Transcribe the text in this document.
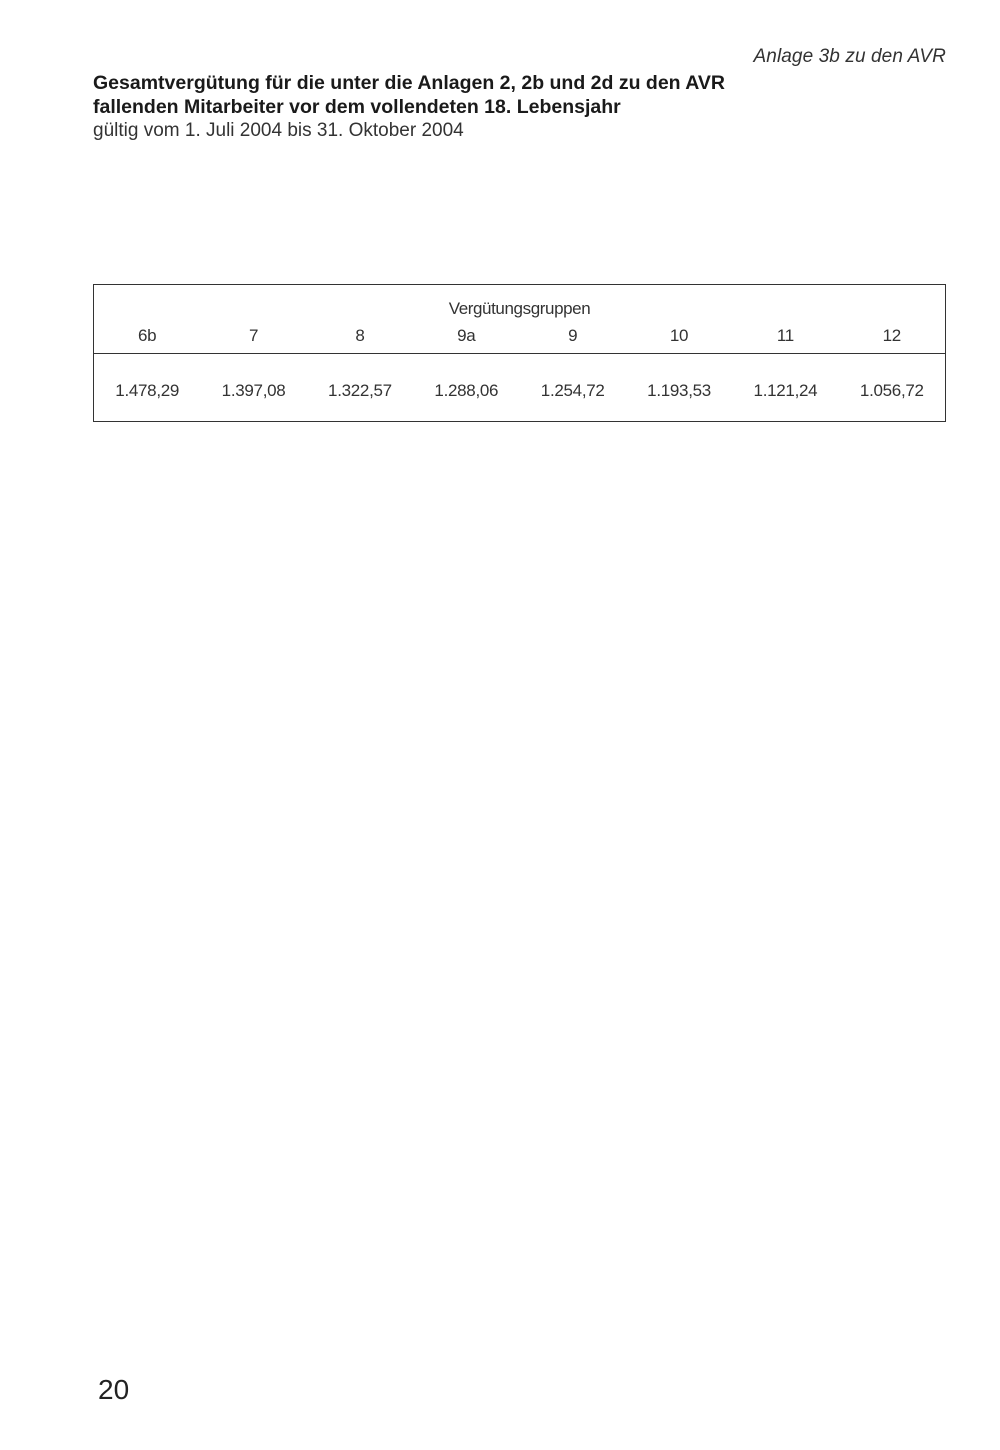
Anlage 3b zu den AVR
Gesamtvergütung für die unter die Anlagen 2, 2b und 2d zu den AVR
fallenden Mitarbeiter vor dem vollendeten 18. Lebensjahr
gültig vom 1. Juli 2004 bis 31. Oktober 2004
Vergütungsgruppen
6b	7	8	9a	9	10	11	12
1.478,29	1.397,08	1.322,57	1.288,06	1.254,72	1.193,53	1.121,24	1.056,72
20
